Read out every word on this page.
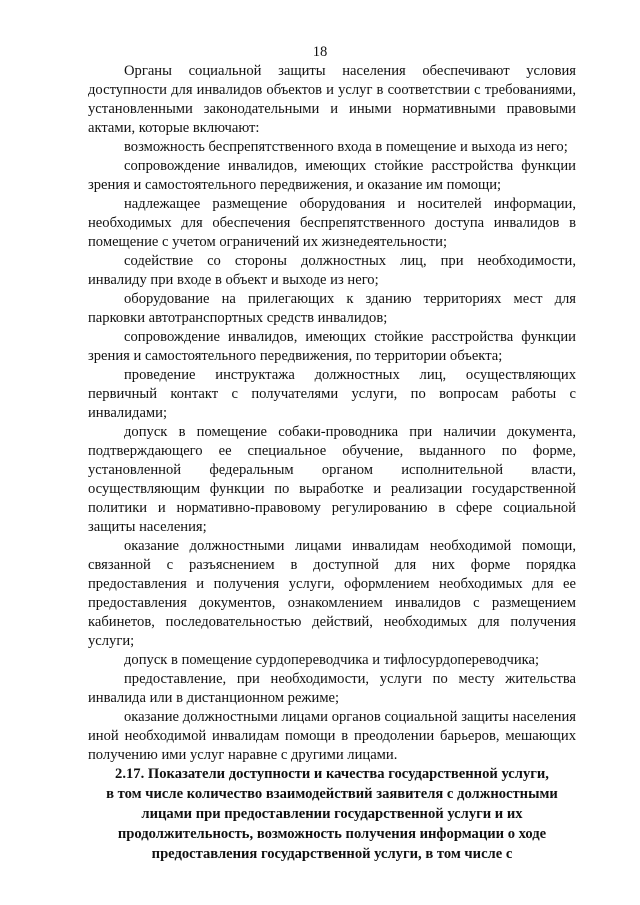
18

Органы социальной защиты населения обеспечивают условия доступности для инвалидов объектов и услуг в соответствии с требованиями, установленными законодательными и иными нормативными правовыми актами, которые включают:

возможность беспрепятственного входа в помещение и выхода из него;

сопровождение инвалидов, имеющих стойкие расстройства функции зрения и самостоятельного передвижения, и оказание им помощи;

надлежащее размещение оборудования и носителей информации, необходимых для обеспечения беспрепятственного доступа инвалидов в помещение с учетом ограничений их жизнедеятельности;

содействие со стороны должностных лиц, при необходимости, инвалиду при входе в объект и выходе из него;

оборудование на прилегающих к зданию территориях мест для парковки автотранспортных средств инвалидов;

сопровождение инвалидов, имеющих стойкие расстройства функции зрения и самостоятельного передвижения, по территории объекта;

проведение инструктажа должностных лиц, осуществляющих первичный контакт с получателями услуги, по вопросам работы с инвалидами;

допуск в помещение собаки-проводника при наличии документа, подтверждающего ее специальное обучение, выданного по форме, установленной федеральным органом исполнительной власти, осуществляющим функции по выработке и реализации государственной политики и нормативно-правовому регулированию в сфере социальной защиты населения;

оказание должностными лицами инвалидам необходимой помощи, связанной с разъяснением в доступной для них форме порядка предоставления и получения услуги, оформлением необходимых для ее предоставления документов, ознакомлением инвалидов с размещением кабинетов, последовательностью действий, необходимых для получения услуги;

допуск в помещение сурдопереводчика и тифлосурдопереводчика;

предоставление, при необходимости, услуги по месту жительства инвалида или в дистанционном режиме;

оказание должностными лицами органов социальной защиты населения иной необходимой инвалидам помощи в преодолении барьеров, мешающих получению ими услуг наравне с другими лицами.

2.17. Показатели доступности и качества государственной услуги,
в том числе количество взаимодействий заявителя с должностными
лицами при предоставлении государственной услуги и их
продолжительность, возможность получения информации о ходе
предоставления государственной услуги, в том числе с
